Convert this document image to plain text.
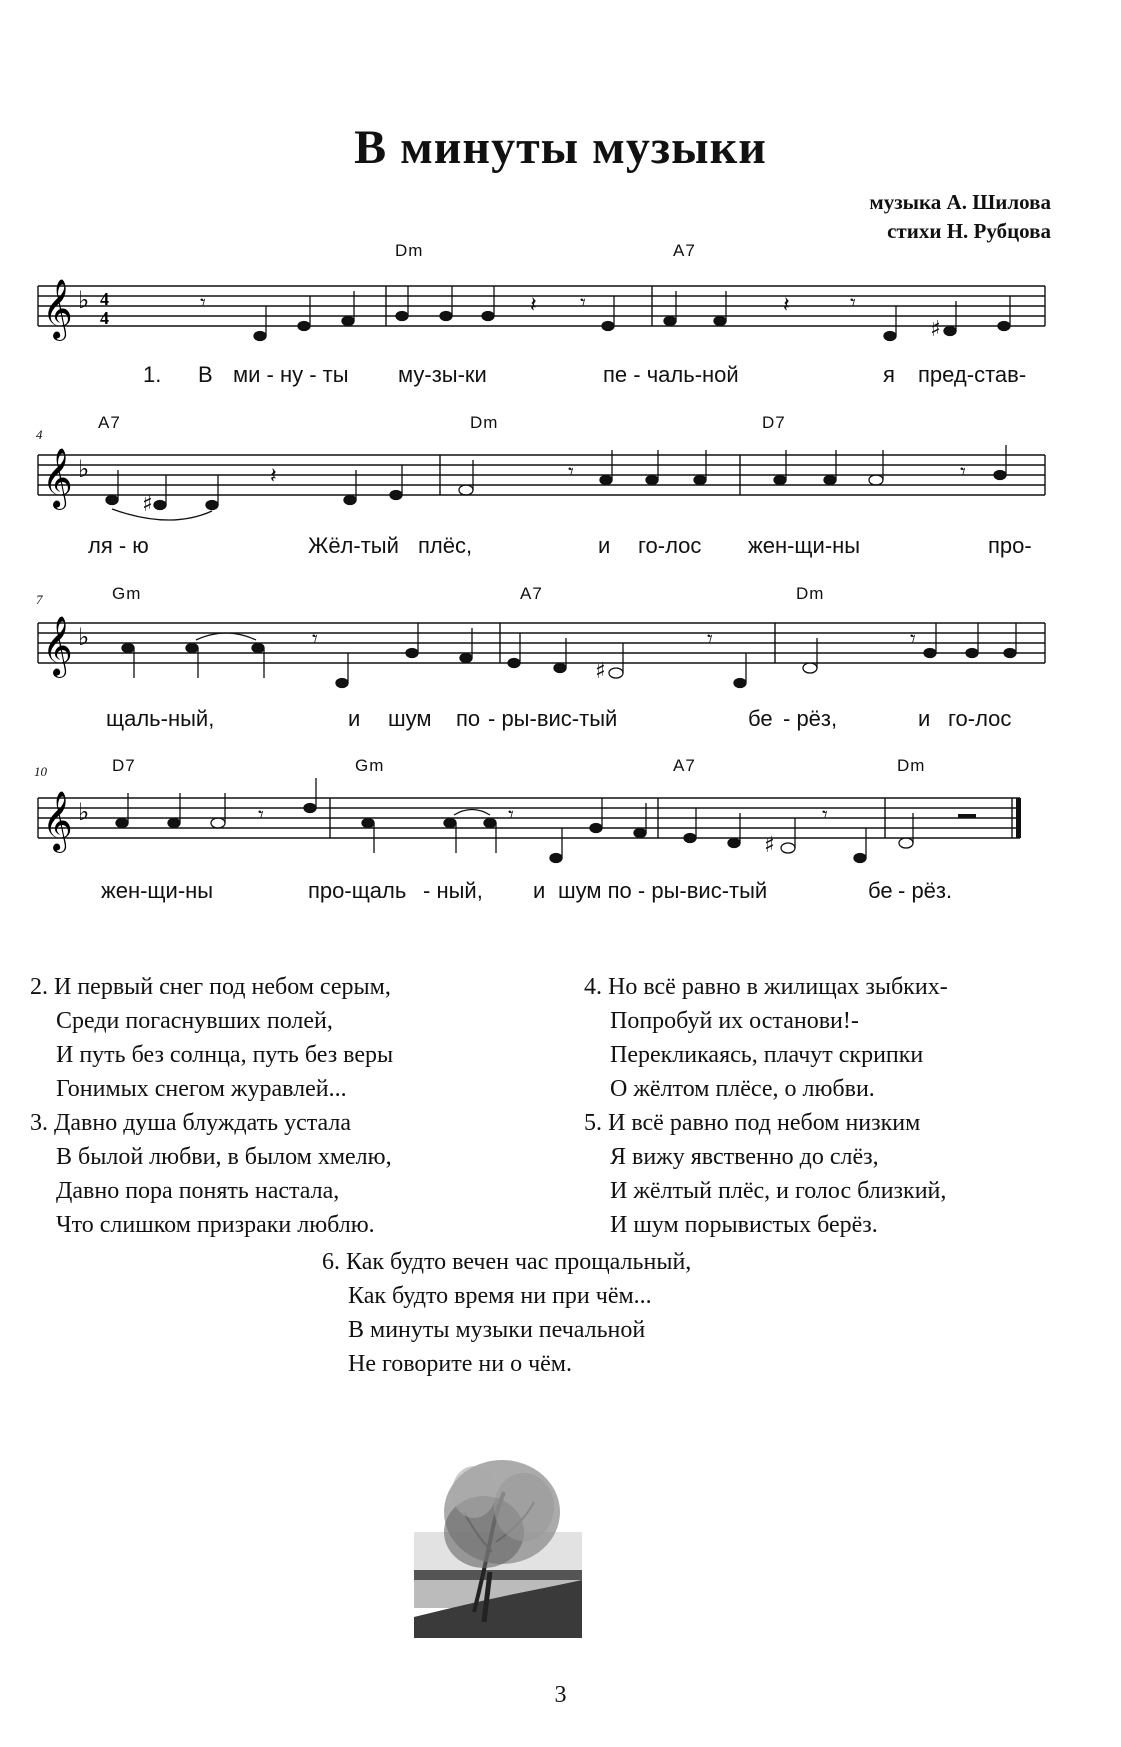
В минуты музыки
музыка А. Шилова
стихи Н. Рубцова
Dm	A7
𝄞 ♭ 4
4
𝄾	𝄽 𝄾	𝄽	𝄾
♯
1. В ми - ну - ты му-зы-ки	пе - чаль-ной	я пред-став-
4
A7	Dm	D7
𝄞 ♭
♯
𝄽	𝄾	𝄾
ля - ю	Жёл-тый плёс,	и го-лос жен-щи-ны	про-
7	Gm	A7	Dm
𝄞 ♭	𝄾
♯
𝄾	𝄾
щаль-ный,	и шум по - ры-вис-тый	бе - рёз,	и го-лос
10	D7	Gm	A7	Dm
𝄞 ♭	𝄾	𝄾
♯
𝄾
жен-щи-ны	про-щаль - ный, и шум по - ры-вис-тый	бе - рёз.
2. И первый снег под небом серым,
Среди погаснувших полей,
И путь без солнца, путь без веры
Гонимых снегом журавлей...
3. Давно душа блуждать устала
В былой любви, в былом хмелю,
Давно пора понять настала,
Что слишком призраки люблю.
4. Но всё равно в жилищах зыбких-
Попробуй их останови!-
Перекликаясь, плачут скрипки
О жёлтом плёсе, о любви.
5. И всё равно под небом низким
Я вижу явственно до слёз,
И жёлтый плёс, и голос близкий,
И шум порывистых берёз.
6. Как будто вечен час прощальный,
Как будто время ни при чём...
В минуты музыки печальной
Не говорите ни о чём.
3
